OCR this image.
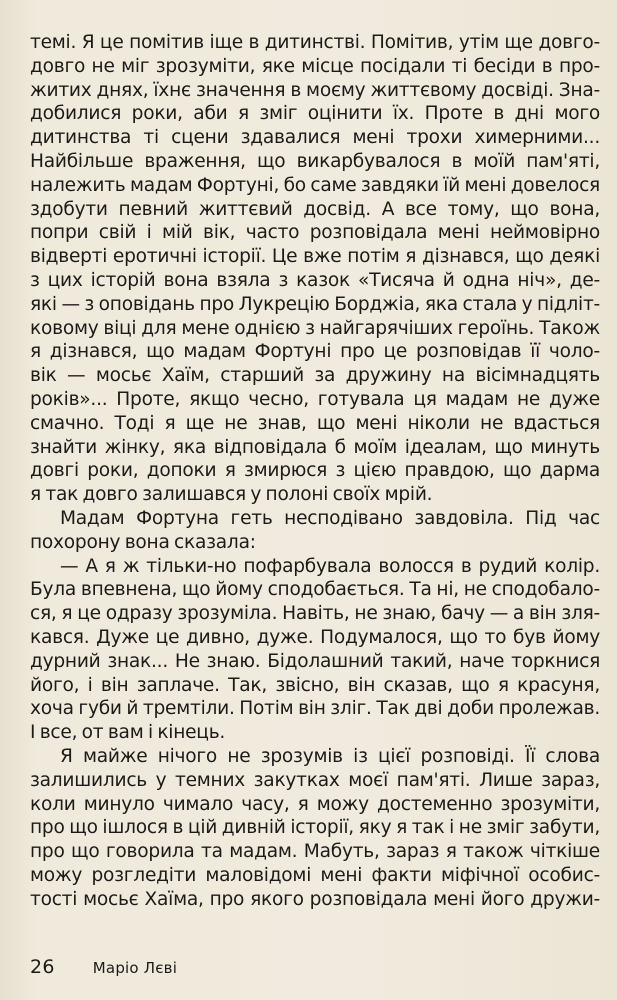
темі. Я це помітив іще в дитинстві. Помітив, утім ще довго-
довго не міг зрозуміти, яке місце посідали ті бесіди в про-
житих днях, їхнє значення в моєму життєвому досвіді. Зна-
добилися роки, аби я зміг оцінити їх. Проте в дні мого
дитинства ті сцени здавалися мені трохи химерними...
Найбільше враження, що викарбувалося в моїй пам'яті,
належить мадам Фортуні, бо саме завдяки їй мені довелося
здобути певний життєвий досвід. А все тому, що вона,
попри свій і мій вік, часто розповідала мені неймовірно
відверті еротичні історії. Це вже потім я дізнався, що деякі
з цих історій вона взяла з казок «Тисяча й одна ніч», де-
які — з оповідань про Лукрецію Борджіа, яка стала у підліт-
ковому віці для мене однією з найгарячіших героїнь. Також
я дізнався, що мадам Фортуні про це розповідав її чоло-
вік — мосьє Хаїм, старший за дружину на вісімнадцять
років»... Проте, якщо чесно, готувала ця мадам не дуже
смачно. Тоді я ще не знав, що мені ніколи не вдасться
знайти жінку, яка відповідала б моїм ідеалам, що минуть
довгі роки, допоки я змирюся з цією правдою, що дарма
я так довго залишався у полоні своїх мрій.
Мадам Фортуна геть несподівано завдовіла. Під час
похорону вона сказала:
— А я ж тільки-но пофарбувала волосся в рудий колір.
Була впевнена, що йому сподобається. Та ні, не сподобало-
ся, я це одразу зрозуміла. Навіть, не знаю, бачу — а він зля-
кався. Дуже це дивно, дуже. Подумалося, що то був йому
дурний знак... Не знаю. Бідолашний такий, наче торкнися
його, і він заплаче. Так, звісно, він сказав, що я красуня,
хоча губи й тремтіли. Потім він зліг. Так дві доби пролежав.
І все, от вам і кінець.
Я майже нічого не зрозумів із цієї розповіді. Її слова
залишились у темних закутках моєї пам'яті. Лише зараз,
коли минуло чимало часу, я можу достеменно зрозуміти,
про що ішлося в цій дивній історії, яку я так і не зміг забути,
про що говорила та мадам. Мабуть, зараз я також чіткіше
можу розгледіти маловідомі мені факти міфічної особис-
тості мосьє Хаїма, про якого розповідала мені його дружи-
26	Маріо Лєві
